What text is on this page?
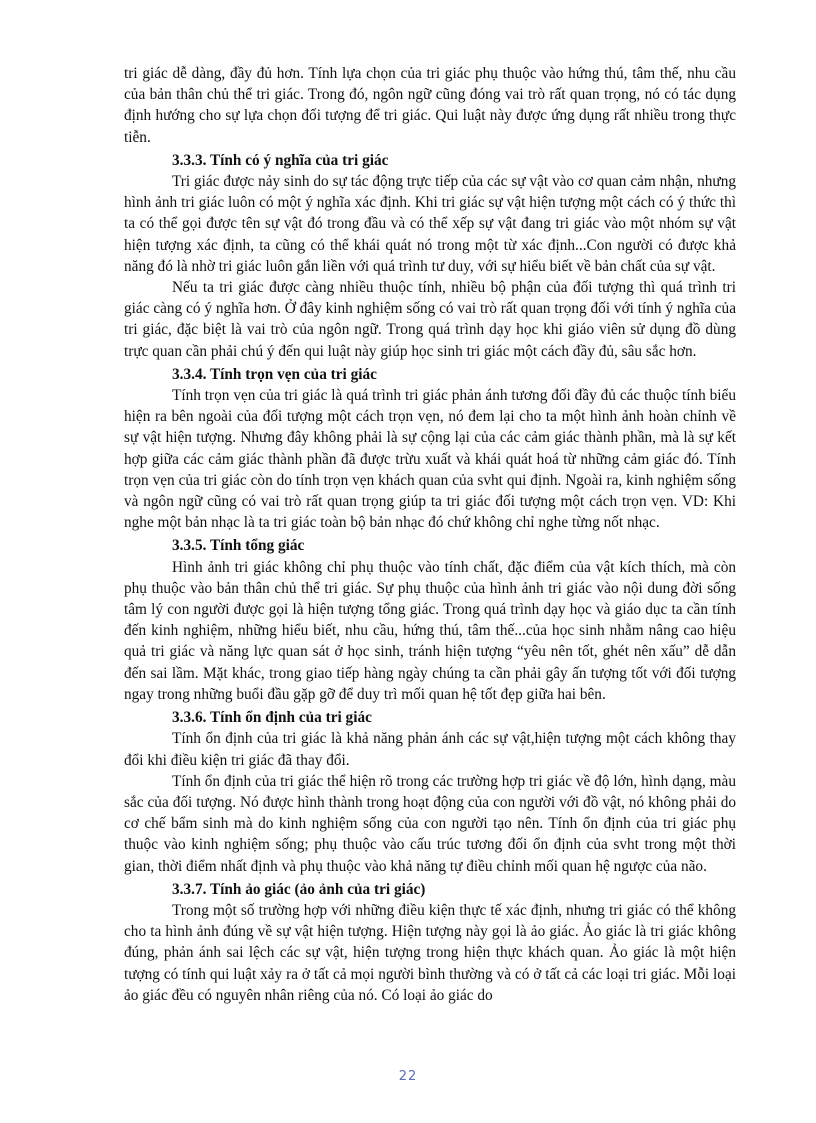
tri giác dễ dàng, đầy đủ hơn. Tính lựa chọn của tri giác phụ thuộc vào hứng thú, tâm thế, nhu cầu của bản thân chủ thể tri giác. Trong đó, ngôn ngữ cũng đóng vai trò rất quan trọng, nó có tác dụng định hướng cho sự lựa chọn đối tượng để tri giác. Qui luật này được ứng dụng rất nhiều trong thực tiễn.

3.3.3. Tính có ý nghĩa của tri giác

Tri giác được nảy sinh do sự tác động trực tiếp của các sự vật vào cơ quan cảm nhận, nhưng hình ảnh tri giác luôn có một ý nghĩa xác định. Khi tri giác sự vật hiện tượng một cách có ý thức thì ta có thể gọi được tên sự vật đó trong đầu và có thể xếp sự vật đang tri giác vào một nhóm sự vật hiện tượng xác định, ta cũng có thể khái quát nó trong một từ xác định...Con người có được khả năng đó là nhờ tri giác luôn gắn liền với quá trình tư duy, với sự hiểu biết về bản chất của sự vật.

Nếu ta tri giác được càng nhiều thuộc tính, nhiều bộ phận của đối tượng thì quá trình tri giác càng có ý nghĩa hơn. Ở đây kinh nghiệm sống có vai trò rất quan trọng đối với tính ý nghĩa của tri giác, đặc biệt là vai trò của ngôn ngữ. Trong quá trình dạy học khi giáo viên sử dụng đồ dùng trực quan cần phải chú ý đến qui luật này giúp học sinh tri giác một cách đầy đủ, sâu sắc hơn.

3.3.4. Tính trọn vẹn của tri giác

Tính trọn vẹn của tri giác là quá trình tri giác phản ánh tương đối đầy đủ các thuộc tính biểu hiện ra bên ngoài của đối tượng một cách trọn vẹn, nó đem lại cho ta một hình ảnh hoàn chỉnh về sự vật hiện tượng. Nhưng đây không phải là sự cộng lại của các cảm giác thành phần, mà là sự kết hợp giữa các cảm giác thành phần đã được trừu xuất và khái quát hoá từ những cảm giác đó. Tính trọn vẹn của tri giác còn do tính trọn vẹn khách quan của svht qui định. Ngoài ra, kinh nghiệm sống và ngôn ngữ cũng có vai trò rất quan trọng giúp ta tri giác đối tượng một cách trọn vẹn. VD: Khi nghe một bản nhạc là ta tri giác toàn bộ bản nhạc đó chứ không chỉ nghe từng nốt nhạc.

3.3.5. Tính tổng giác

Hình ảnh tri giác không chỉ phụ thuộc vào tính chất, đặc điểm của vật kích thích, mà còn phụ thuộc vào bản thân chủ thể tri giác. Sự phụ thuộc của hình ảnh tri giác vào nội dung đời sống tâm lý con người được gọi là hiện tượng tổng giác. Trong quá trình dạy học và giáo dục ta cần tính đến kinh nghiệm, những hiểu biết, nhu cầu, hứng thú, tâm thế...của học sinh nhằm nâng cao hiệu quả tri giác và năng lực quan sát ở học sinh, tránh hiện tượng “yêu nên tốt, ghét nên xấu” dễ dẫn đến sai lầm. Mặt khác, trong giao tiếp hàng ngày chúng ta cần phải gây ấn tượng tốt với đối tượng ngay trong những buổi đầu gặp gỡ để duy trì mối quan hệ tốt đẹp giữa hai bên.

3.3.6. Tính ổn định của tri giác

Tính ổn định của tri giác là khả năng phản ánh các sự vật,hiện tượng một cách không thay đổi khi điều kiện tri giác đã thay đổi.

Tính ổn định của tri giác thể hiện rõ trong các trường hợp tri giác về độ lớn, hình dạng, màu sắc của đối tượng. Nó được hình thành trong hoạt động của con người với đồ vật, nó không phải do cơ chế bẩm sinh mà do kinh nghiệm sống của con người tạo nên. Tính ổn định của tri giác phụ thuộc vào kinh nghiệm sống; phụ thuộc vào cấu trúc tương đối ổn định của svht trong một thời gian, thời điểm nhất định và phụ thuộc vào khả năng tự điều chỉnh mối quan hệ ngược của não.

3.3.7. Tính ảo giác (ảo ảnh của tri giác)

Trong một số trường hợp với những điều kiện thực tế xác định, nhưng tri giác có thể không cho ta hình ảnh đúng về sự vật hiện tượng. Hiện tượng này gọi là ảo giác. Ảo giác là tri giác không đúng, phản ánh sai lệch các sự vật, hiện tượng trong hiện thực khách quan. Ảo giác là một hiện tượng có tính qui luật xảy ra ở tất cả mọi người bình thường và có ở tất cả các loại tri giác. Mỗi loại ảo giác đều có nguyên nhân riêng của nó. Có loại ảo giác do

22
